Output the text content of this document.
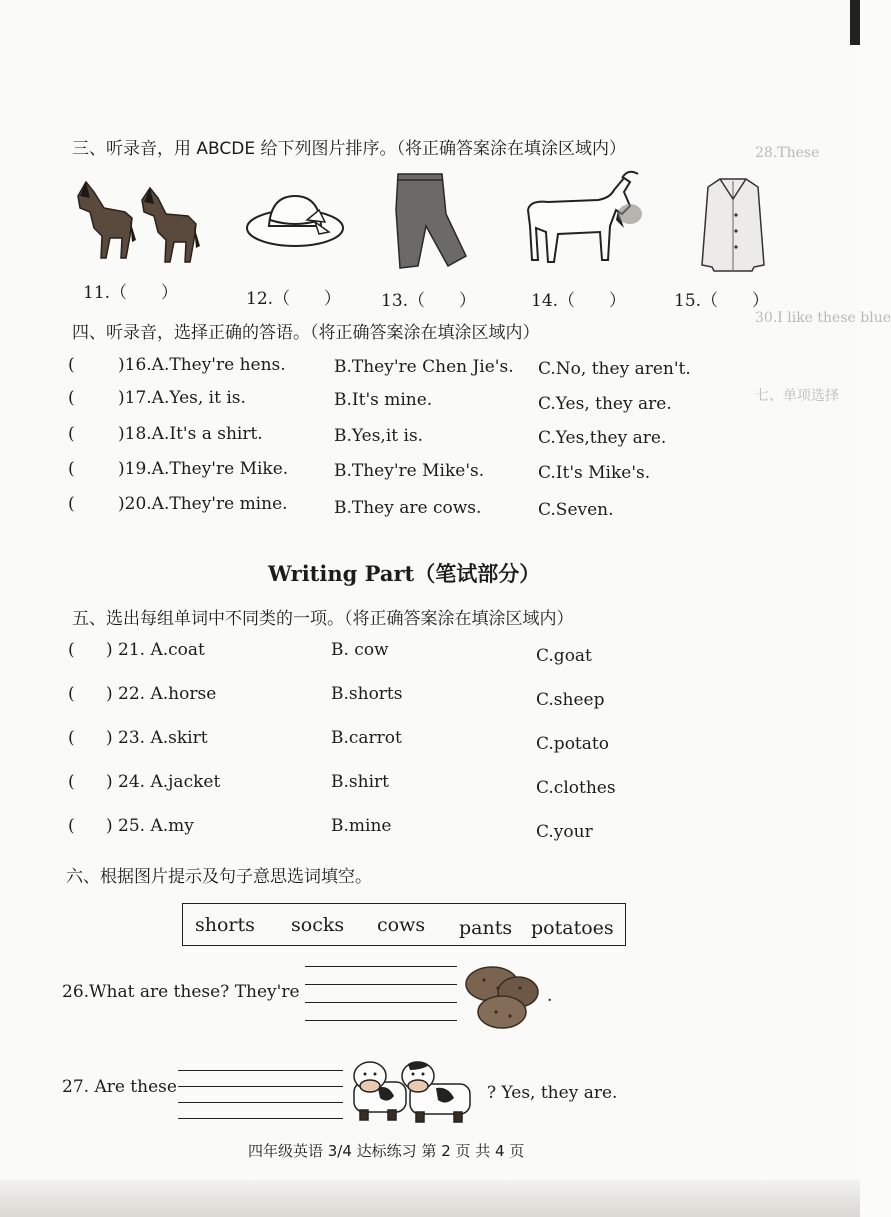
28.These
30.I like these blue
七、单项选择
三、听录音，用 ABCDE 给下列图片排序。（将正确答案涂在填涂区域内）
11.（　　）	12.（　　） 13.（　　）	14.（　　）	15.（　　）
四、听录音，选择正确的答语。（将正确答案涂在填涂区域内）
(	)16.A.They're hens.	B.They're Chen Jie's. C.No, they aren't.
(	)17.A.Yes, it is.	B.It's mine.	C.Yes, they are.
(	)18.A.It's a shirt.	B.Yes,it is.	C.Yes,they are.
(	)19.A.They're Mike.	B.They're Mike's.	C.It's Mike's.
(	)20.A.They're mine.	B.They are cows.	C.Seven.
Writing Part（笔试部分）
五、选出每组单词中不同类的一项。（将正确答案涂在填涂区域内）
( ) 21. A.coat	B. cow	C.goat
( ) 22. A.horse	B.shorts	C.sheep
( ) 23. A.skirt	B.carrot	C.potato
( ) 24. A.jacket	B.shirt	C.clothes
( ) 25. A.my	B.mine	C.your
六、根据图片提示及句子意思选词填空。
shorts socks cows pants potatoes
26.What are these? They're	.
27. Are these	? Yes, they are.
四年级英语 3/4 达标练习 第 2 页 共 4 页
